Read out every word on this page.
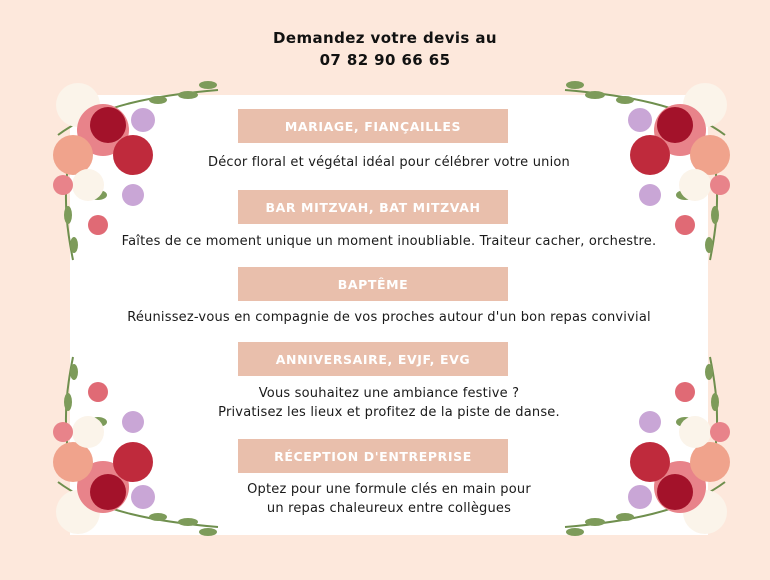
Demandez votre devis au
07 82 90 66 65
MARIAGE, FIANÇAILLES
Décor floral et végétal idéal pour célébrer votre union
BAR MITZVAH, BAT MITZVAH
Faîtes de ce moment unique un moment inoubliable. Traiteur cacher, orchestre.
BAPTÊME
Réunissez-vous en compagnie de vos proches autour d'un bon repas convivial
ANNIVERSAIRE, EVJF, EVG
Vous souhaitez une ambiance festive ?
Privatisez les lieux et profitez de la piste de danse.
RÉCEPTION D'ENTREPRISE
Optez pour une formule clés en main pour
un repas chaleureux entre collègues
